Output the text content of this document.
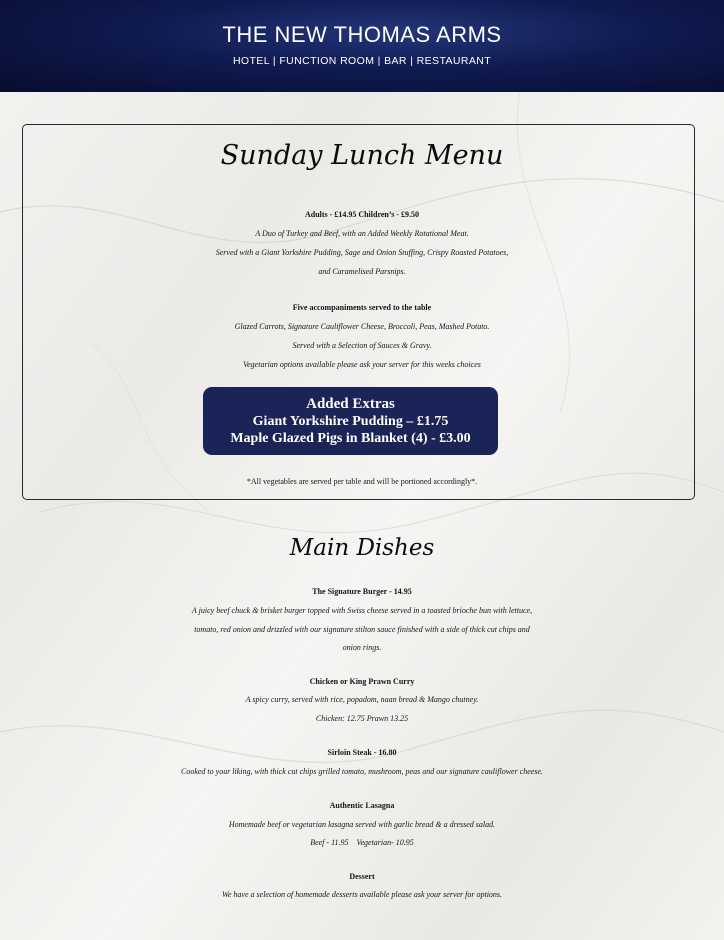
THE NEW THOMAS ARMS
HOTEL | FUNCTION ROOM | BAR | RESTAURANT
Sunday Lunch Menu
Adults - £14.95 Children’s - £9.50
A Duo of Turkey and Beef, with an Added Weekly Rotational Meat.
Served with a Giant Yorkshire Pudding, Sage and Onion Stuffing, Crispy Roasted Potatoes,
and Caramelised Parsnips.
Five accompaniments served to the table
Glazed Carrots, Signature Cauliflower Cheese, Broccoli, Peas, Mashed Potato.
Served with a Selection of Sauces & Gravy.
Vegetarian options available please ask your server for this weeks choices
Added Extras
Giant Yorkshire Pudding – £1.75
Maple Glazed Pigs in Blanket (4) - £3.00
*All vegetables are served per table and will be portioned accordingly*.
Main Dishes
The Signature Burger - 14.95
A juicy beef chuck & brisket burger topped with Swiss cheese served in a toasted brioche bun with lettuce,
tomato, red onion and drizzled with our signature stilton sauce finished with a side of thick cut chips and
onion rings.
Chicken or King Prawn Curry
A spicy curry, served with rice, popadom, naan bread & Mango chutney.
Chicken: 12.75 Prawn 13.25
Sirloin Steak - 16.80
Cooked to your liking, with thick cut chips grilled tomato, mushroom, peas and our signature cauliflower cheese.
Authentic Lasagna
Homemade beef or vegetarian lasagna served with garlic bread & a dressed salad.
Beef - 11.95    Vegetarian- 10.95
Dessert
We have a selection of homemade desserts available please ask your server for options.
